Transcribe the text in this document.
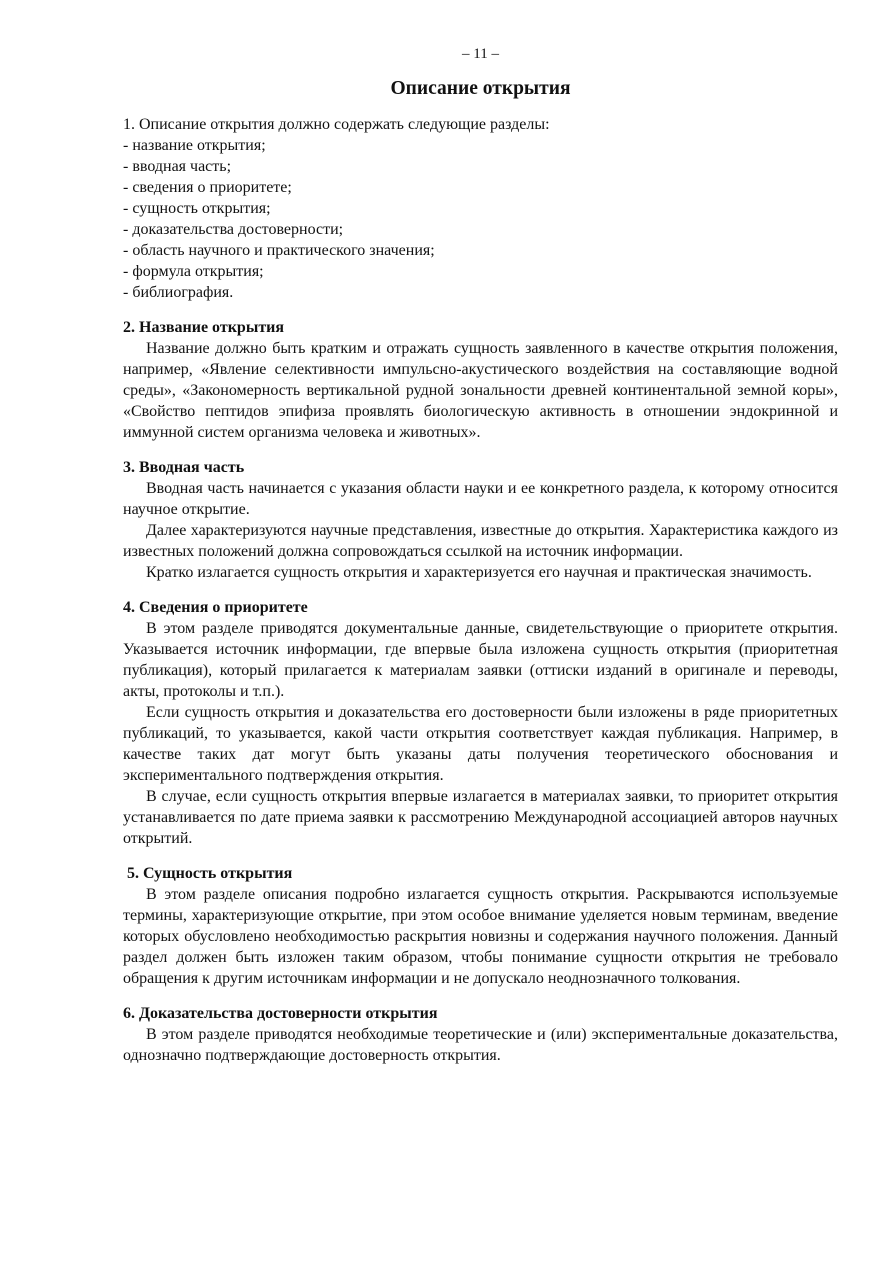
– 11 –
Описание открытия
1. Описание открытия должно содержать следующие разделы:
- название открытия;
- вводная часть;
- сведения о приоритете;
- сущность открытия;
- доказательства достоверности;
- область научного и практического значения;
- формула открытия;
- библиография.
2. Название открытия

Название должно быть кратким и отражать сущность заявленного в качестве открытия положения, например, «Явление селективности импульсно-акустического воздействия на составляющие водной среды», «Закономерность вертикальной рудной зональности древней континентальной земной коры», «Свойство пептидов эпифиза проявлять биологическую активность в отношении эндокринной и иммунной систем организма человека и животных».

3. Вводная часть

Вводная часть начинается с указания области науки и ее конкретного раздела, к которому относится научное открытие.

Далее характеризуются научные представления, известные до открытия. Характеристика каждого из известных положений должна сопровождаться ссылкой на источник информации.

Кратко излагается сущность открытия и характеризуется его научная и практическая значимость.

4. Сведения о приоритете

В этом разделе приводятся документальные данные, свидетельствующие о приоритете открытия. Указывается источник информации, где впервые была изложена сущность открытия (приоритетная публикация), который прилагается к материалам заявки (оттиски изданий в оригинале и переводы, акты, протоколы и т.п.).

Если сущность открытия и доказательства его достоверности были изложены в ряде приоритетных публикаций, то указывается, какой части открытия соответствует каждая публикация. Например, в качестве таких дат могут быть указаны даты получения теоретического обоснования и экспериментального подтверждения открытия.

В случае, если сущность открытия впервые излагается в материалах заявки, то приоритет открытия устанавливается по дате приема заявки к рассмотрению Международной ассоциацией авторов научных открытий.

5. Сущность открытия

В этом разделе описания подробно излагается сущность открытия. Раскрываются используемые термины, характеризующие открытие, при этом особое внимание уделяется новым терминам, введение которых обусловлено необходимостью раскрытия новизны и содержания научного положения. Данный раздел должен быть изложен таким образом, чтобы понимание сущности открытия не требовало обращения к другим источникам информации и не допускало неоднозначного толкования.

6. Доказательства достоверности открытия

В этом разделе приводятся необходимые теоретические и (или) экспериментальные доказательства, однозначно подтверждающие достоверность открытия.
